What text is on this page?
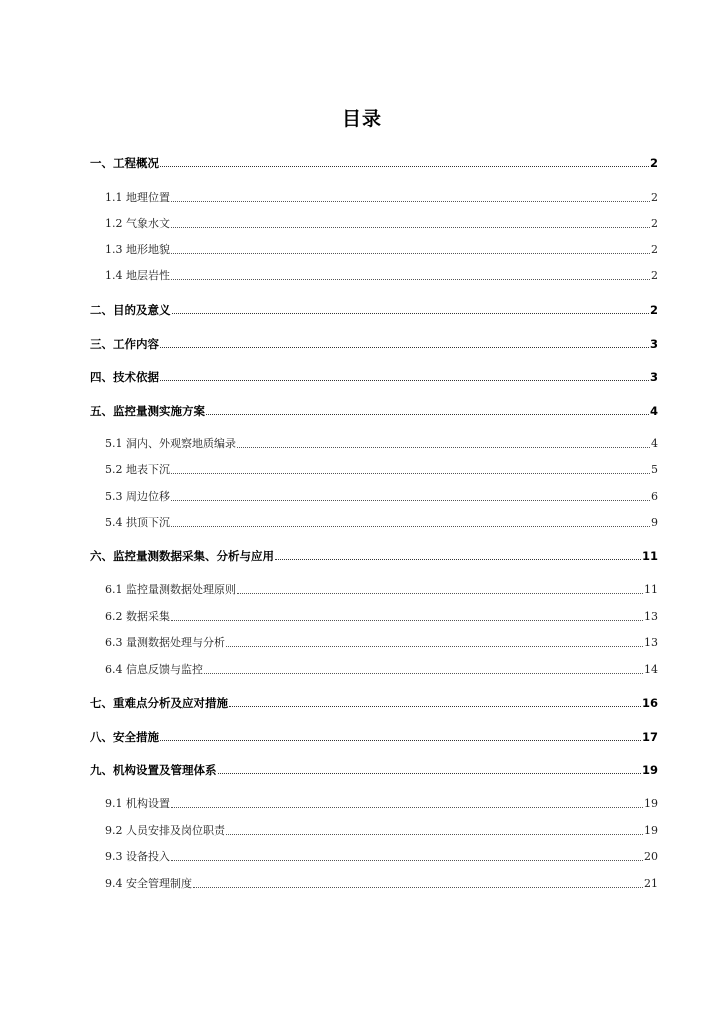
目录
一、工程概况	2
1.1 地理位置	2
1.2 气象水文	2
1.3 地形地貌	2
1.4 地层岩性	2
二、目的及意义	2
三、工作内容	3
四、技术依据	3
五、监控量测实施方案	4
5.1 洞内、外观察地质编录	4
5.2 地表下沉	5
5.3 周边位移	6
5.4 拱顶下沉	9
六、监控量测数据采集、分析与应用	11
6.1 监控量测数据处理原则	11
6.2 数据采集	13
6.3 量测数据处理与分析	13
6.4 信息反馈与监控	14
七、重难点分析及应对措施	16
八、安全措施	17
九、机构设置及管理体系	19
9.1 机构设置	19
9.2 人员安排及岗位职责	19
9.3 设备投入	20
9.4 安全管理制度	21
